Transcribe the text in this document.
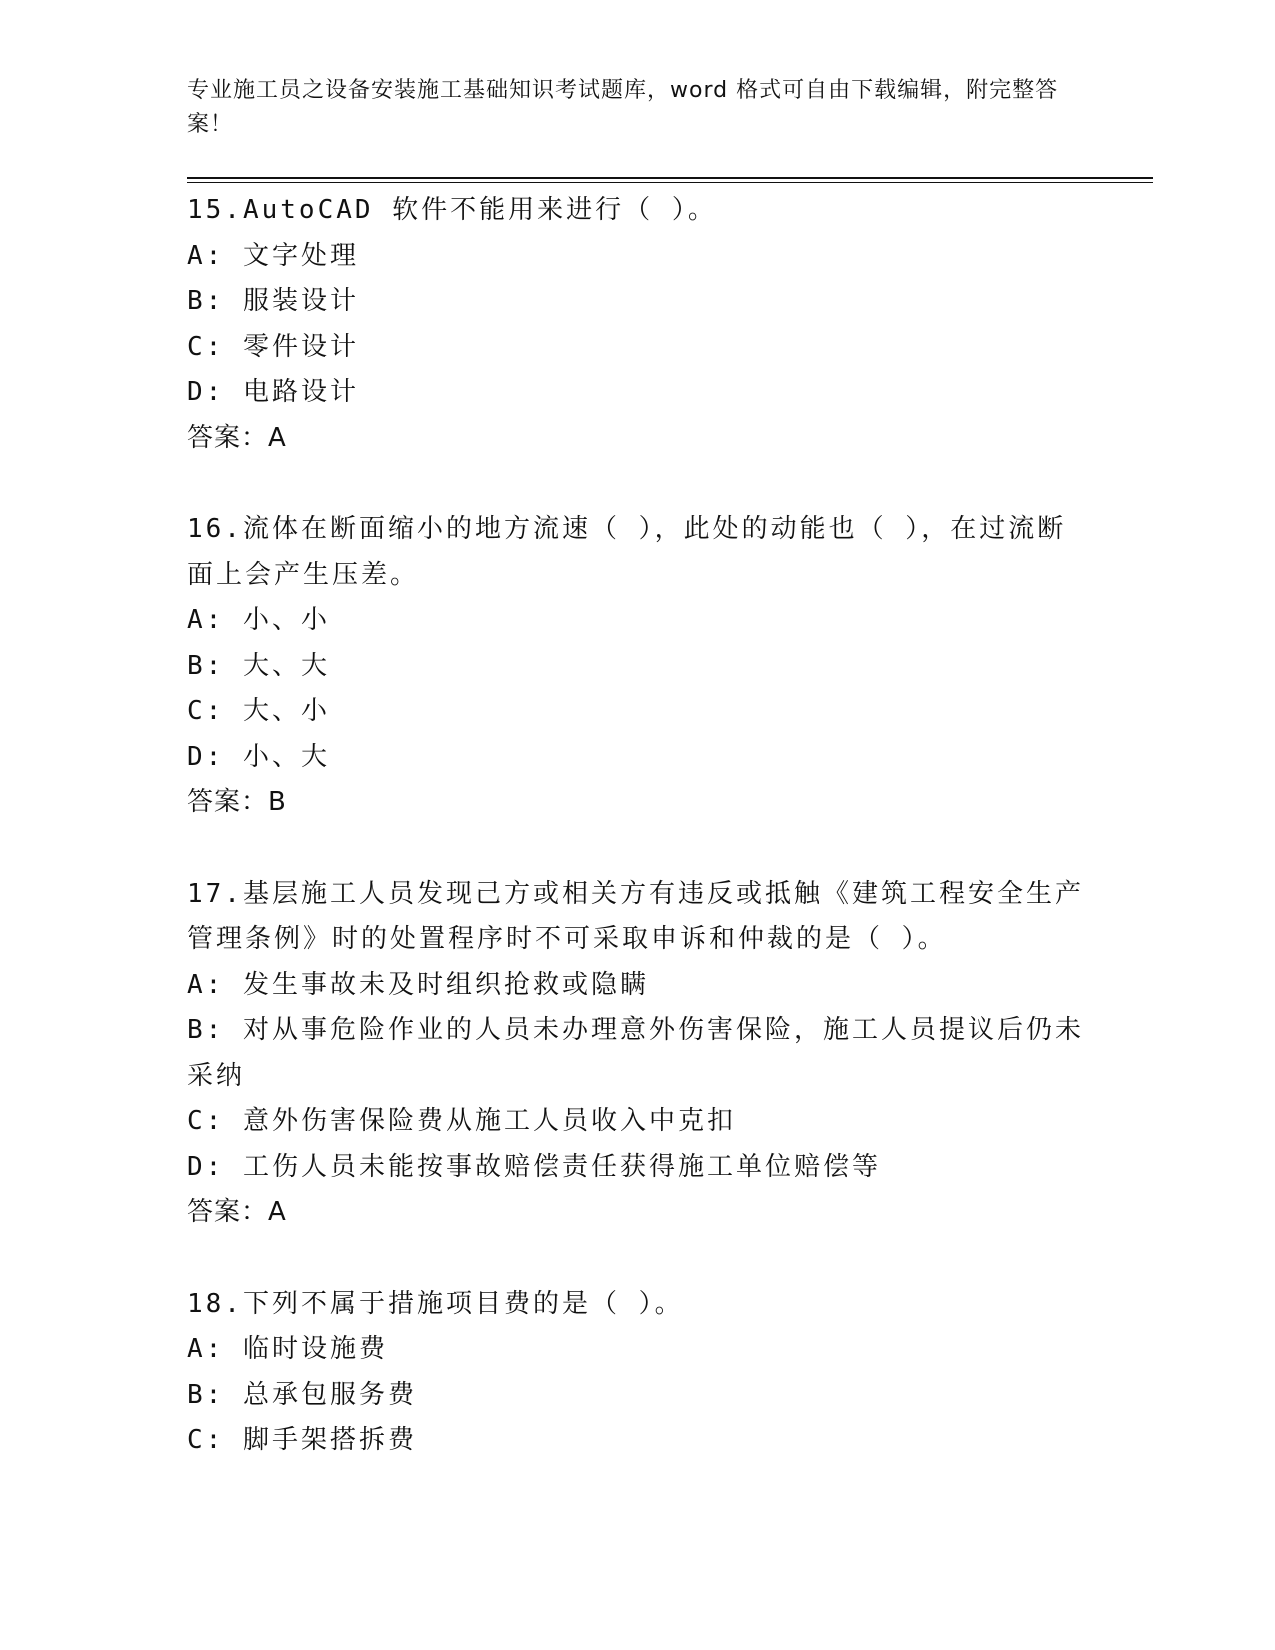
专业施工员之设备安装施工基础知识考试题库，word 格式可自由下载编辑，附完整答案！

15.AutoCAD 软件不能用来进行（ ）。

A: 文字处理

B: 服装设计

C: 零件设计

D: 电路设计

答案：A

16.流体在断面缩小的地方流速（ ），此处的动能也（ ），在过流断面上会产生压差。

A: 小、小

B: 大、大

C: 大、小

D: 小、大

答案：B

17.基层施工人员发现己方或相关方有违反或抵触《建筑工程安全生产管理条例》时的处置程序时不可采取申诉和仲裁的是（ ）。

A: 发生事故未及时组织抢救或隐瞒

B: 对从事危险作业的人员未办理意外伤害保险，施工人员提议后仍未采纳

C: 意外伤害保险费从施工人员收入中克扣

D: 工伤人员未能按事故赔偿责任获得施工单位赔偿等

答案：A

18.下列不属于措施项目费的是（ ）。

A: 临时设施费

B: 总承包服务费

C: 脚手架搭拆费
